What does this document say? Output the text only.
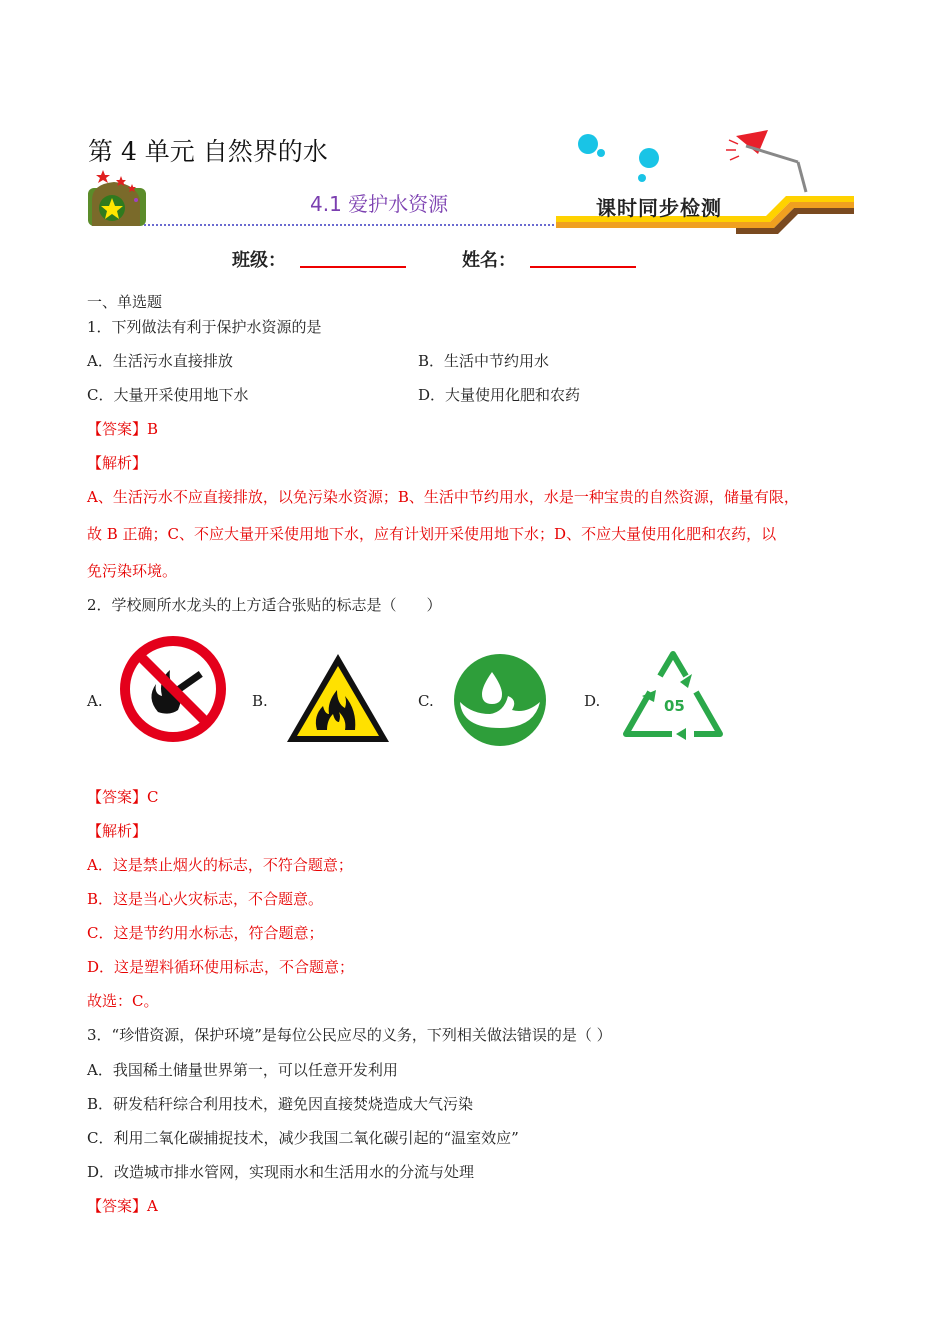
第 4 单元 自然界的水
4.1 爱护水资源	课时同步检测
班级：	姓名：
一、单选题
1．下列做法有利于保护水资源的是
A．生活污水直接排放	B．生活中节约用水
C．大量开采使用地下水	D．大量使用化肥和农药
【答案】B
【解析】
A、生活污水不应直接排放，以免污染水资源；B、生活中节约用水，水是一种宝贵的自然资源，储量有限，
故 B 正确；C、不应大量开采使用地下水，应有计划开采使用地下水；D、不应大量使用化肥和农药，以
免污染环境。
2．学校厕所水龙头的上方适合张贴的标志是（　　）
A.	B.	C.	D.	05
【答案】C
【解析】
A．这是禁止烟火的标志，不符合题意；
B．这是当心火灾标志，不合题意。
C．这是节约用水标志，符合题意；
D．这是塑料循环使用标志，不合题意；
故选：C。
3．“珍惜资源，保护环境”是每位公民应尽的义务，下列相关做法错误的是（ ）
A．我国稀土储量世界第一，可以任意开发利用
B．研发秸秆综合利用技术，避免因直接焚烧造成大气污染
C．利用二氧化碳捕捉技术，减少我国二氧化碳引起的“温室效应”
D．改造城市排水管网，实现雨水和生活用水的分流与处理
【答案】A
